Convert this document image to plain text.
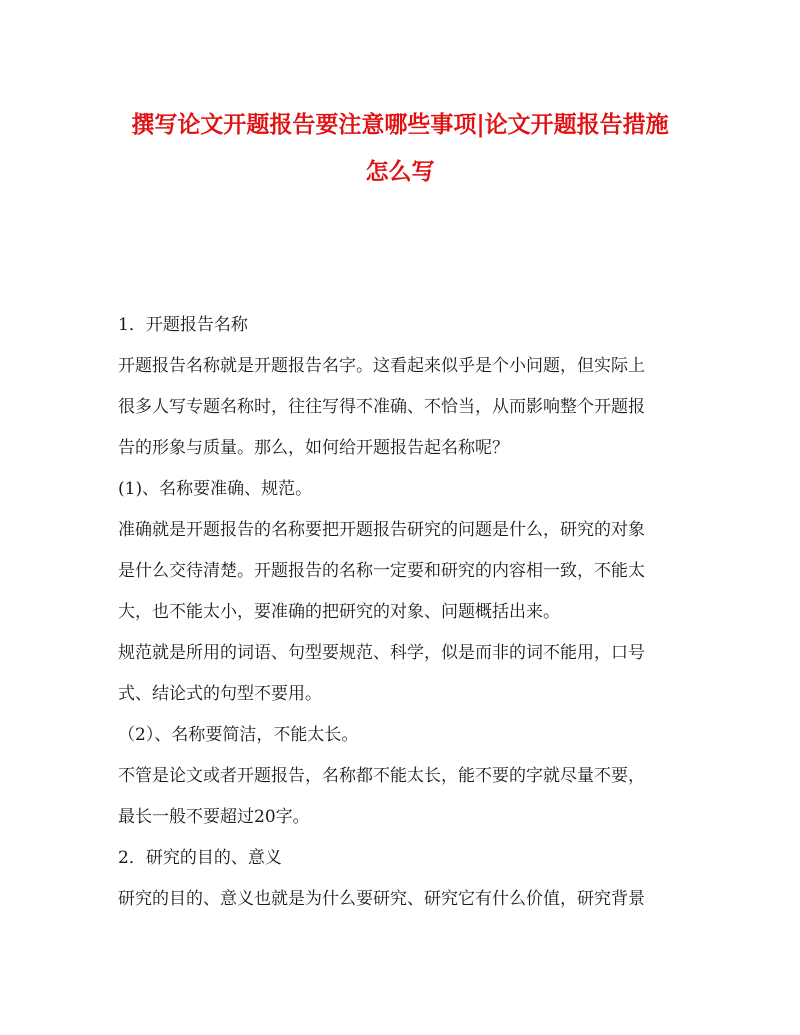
撰写论文开题报告要注意哪些事项|论文开题报告措施
怎么写

1．开题报告名称

开题报告名称就是开题报告名字。这看起来似乎是个小问题，但实际上

很多人写专题名称时，往往写得不准确、不恰当，从而影响整个开题报

告的形象与质量。那么，如何给开题报告起名称呢？

(1)、名称要准确、规范。

准确就是开题报告的名称要把开题报告研究的问题是什么，研究的对象

是什么交待清楚。开题报告的名称一定要和研究的内容相一致，不能太

大，也不能太小，要准确的把研究的对象、问题概括出来。

规范就是所用的词语、句型要规范、科学，似是而非的词不能用，口号

式、结论式的句型不要用。

（2）、名称要简洁，不能太长。

不管是论文或者开题报告，名称都不能太长，能不要的字就尽量不要，

最长一般不要超过20字。

2．研究的目的、意义

研究的目的、意义也就是为什么要研究、研究它有什么价值，研究背景
